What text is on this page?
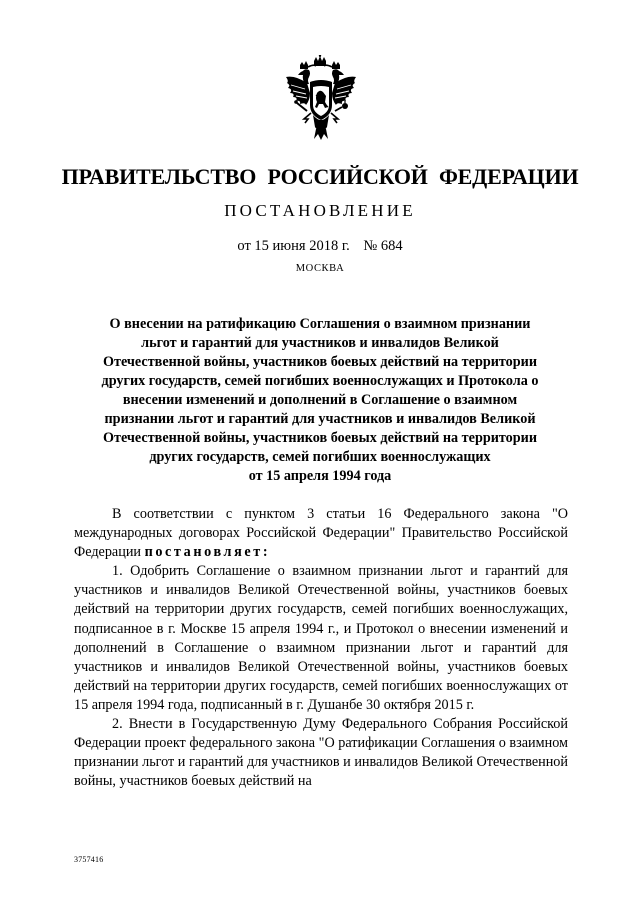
ПРАВИТЕЛЬСТВО РОССИЙСКОЙ ФЕДЕРАЦИИ
ПОСТАНОВЛЕНИЕ
от 15 июня 2018 г. № 684
МОСКВА
О внесении на ратификацию Соглашения о взаимном признании
льгот и гарантий для участников и инвалидов Великой
Отечественной войны, участников боевых действий на территории
других государств, семей погибших военнослужащих и Протокола о
внесении изменений и дополнений в Соглашение о взаимном
признании льгот и гарантий для участников и инвалидов Великой
Отечественной войны, участников боевых действий на территории
других государств, семей погибших военнослужащих
от 15 апреля 1994 года

В соответствии с пунктом 3 статьи 16 Федерального закона "О международных договорах Российской Федерации" Правительство Российской Федерации постановляет:

1. Одобрить Соглашение о взаимном признании льгот и гарантий для участников и инвалидов Великой Отечественной войны, участников боевых действий на территории других государств, семей погибших военнослужащих, подписанное в г. Москве 15 апреля 1994 г., и Протокол о внесении изменений и дополнений в Соглашение о взаимном признании льгот и гарантий для участников и инвалидов Великой Отечественной войны, участников боевых действий на территории других государств, семей погибших военнослужащих от 15 апреля 1994 года, подписанный в г. Душанбе 30 октября 2015 г.

2. Внести в Государственную Думу Федерального Собрания Российской Федерации проект федерального закона "О ратификации Соглашения о взаимном признании льгот и гарантий для участников и инвалидов Великой Отечественной войны, участников боевых действий на

3757416
